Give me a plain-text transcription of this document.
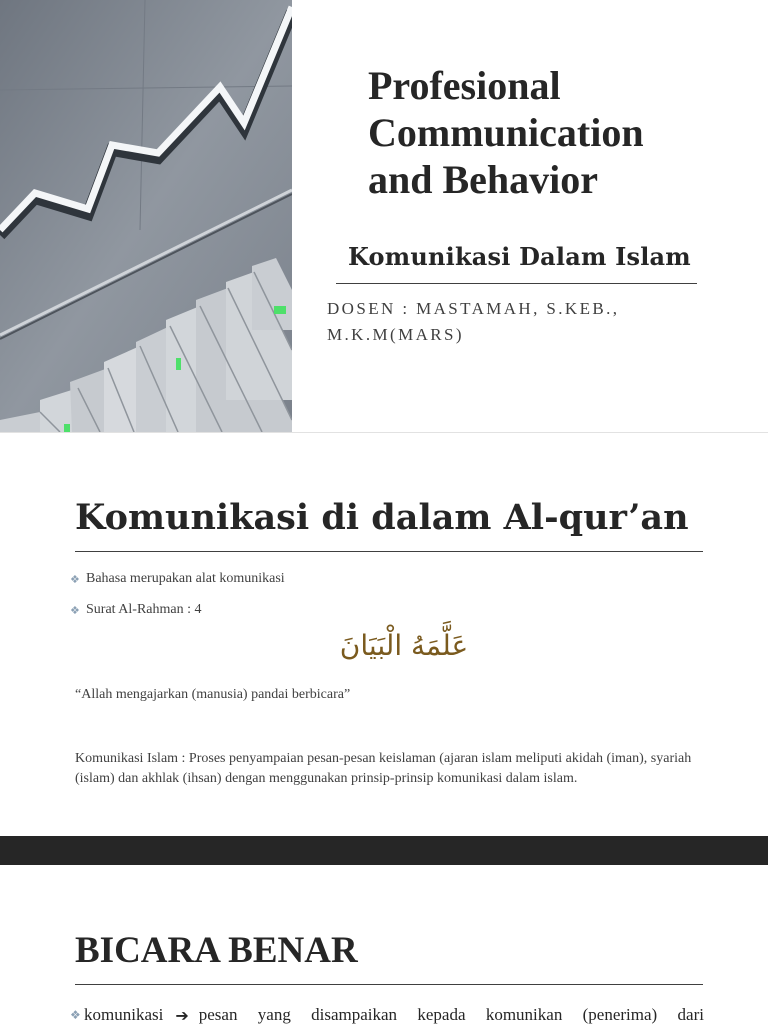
Profesional
Communication
and Behavior
Komunikasi Dalam Islam
DOSEN : MASTAMAH, S.KEB.,
M.K.M(MARS)
Komunikasi di dalam Al-qur’an
❖ Bahasa merupakan alat komunikasi
❖ Surat Al-Rahman : 4
عَلَّمَهُ الْبَيَانَ

“Allah mengajarkan (manusia) pandai berbicara”

Komunikasi Islam : Proses penyampaian pesan-pesan keislaman (ajaran islam meliputi akidah (iman), syariah (islam) dan akhlak (ihsan) dengan menggunakan prinsip-prinsip komunikasi dalam islam.

BICARA BENAR
❖ komunikasi ➔ pesan yang disampaikan kepada komunikan (penerima) dari
